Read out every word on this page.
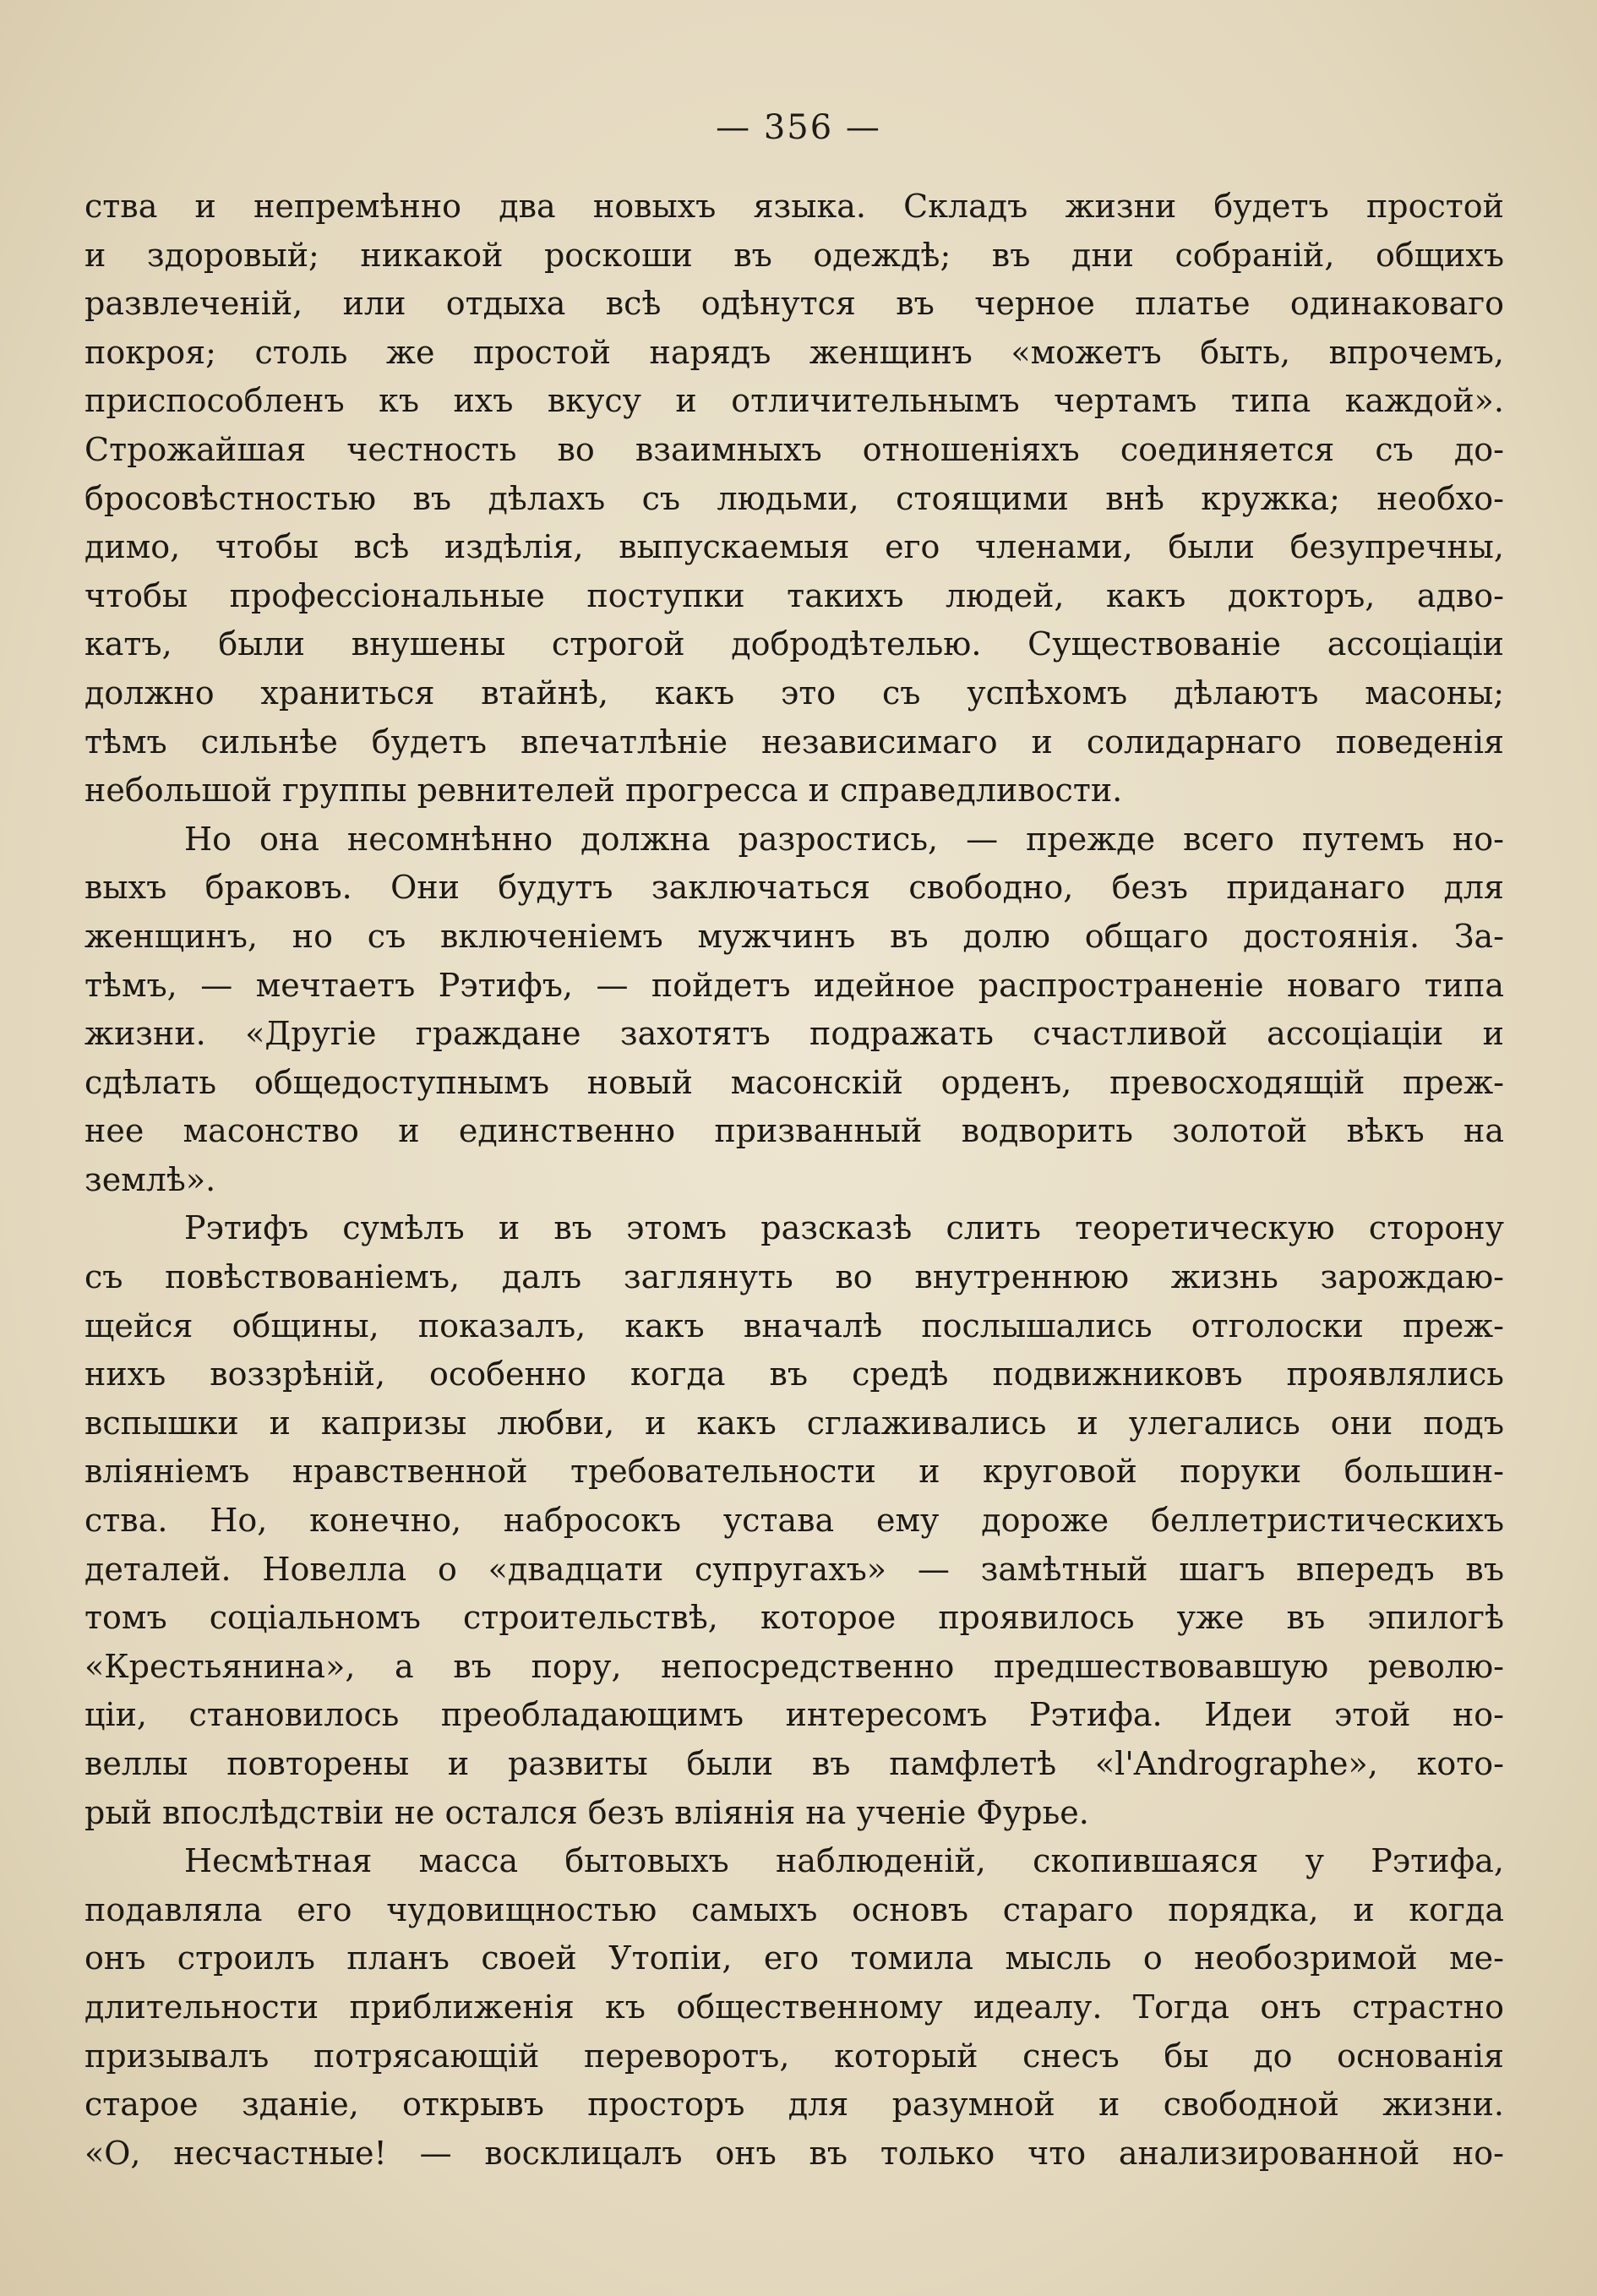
— 356 —
ства и непремѣнно два новыхъ языка. Складъ жизни будетъ простой
и здоровый; никакой роскоши въ одеждѣ; въ дни собраній, общихъ
развлеченій, или отдыха всѣ одѣнутся въ черное платье одинаковаго
покроя; столь же простой нарядъ женщинъ «можетъ быть, впрочемъ,
приспособленъ къ ихъ вкусу и отличительнымъ чертамъ типа каждой».
Строжайшая честность во взаимныхъ отношеніяхъ соединяется съ до-
бросовѣстностью въ дѣлахъ съ людьми, стоящими внѣ кружка; необхо-
димо, чтобы всѣ издѣлія, выпускаемыя его членами, были безупречны,
чтобы профессіональные поступки такихъ людей, какъ докторъ, адво-
катъ, были внушены строгой добродѣтелью. Существованіе ассоціаціи
должно храниться втайнѣ, какъ это съ успѣхомъ дѣлаютъ масоны;
тѣмъ сильнѣе будетъ впечатлѣніе независимаго и солидарнаго поведенія
небольшой группы ревнителей прогресса и справедливости.
Но она несомнѣнно должна разростись, — прежде всего путемъ но-
выхъ браковъ. Они будутъ заключаться свободно, безъ приданаго для
женщинъ, но съ включеніемъ мужчинъ въ долю общаго достоянія. За-
тѣмъ, — мечтаетъ Рэтифъ, — пойдетъ идейное распространеніе новаго типа
жизни. «Другіе граждане захотятъ подражать счастливой ассоціаціи и
сдѣлать общедоступнымъ новый масонскій орденъ, превосходящій преж-
нее масонство и единственно призванный водворить золотой вѣкъ на
землѣ».
Рэтифъ сумѣлъ и въ этомъ разсказѣ слить теоретическую сторону
съ повѣствованіемъ, далъ заглянуть во внутреннюю жизнь зарождаю-
щейся общины, показалъ, какъ вначалѣ послышались отголоски преж-
нихъ воззрѣній, особенно когда въ средѣ подвижниковъ проявлялись
вспышки и капризы любви, и какъ сглаживались и улегались они подъ
вліяніемъ нравственной требовательности и круговой поруки большин-
ства. Но, конечно, набросокъ устава ему дороже беллетристическихъ
деталей. Новелла о «двадцати супругахъ» — замѣтный шагъ впередъ въ
томъ соціальномъ строительствѣ, которое проявилось уже въ эпилогѣ
«Крестьянина», а въ пору, непосредственно предшествовавшую револю-
ціи, становилось преобладающимъ интересомъ Рэтифа. Идеи этой но-
веллы повторены и развиты были въ памфлетѣ «l'Andrographe», кото-
рый впослѣдствіи не остался безъ вліянія на ученіе Фурье.
Несмѣтная масса бытовыхъ наблюденій, скопившаяся у Рэтифа,
подавляла его чудовищностью самыхъ основъ стараго порядка, и когда
онъ строилъ планъ своей Утопіи, его томила мысль о необозримой ме-
длительности приближенія къ общественному идеалу. Тогда онъ страстно
призывалъ потрясающій переворотъ, который снесъ бы до основанія
старое зданіе, открывъ просторъ для разумной и свободной жизни.
«О, несчастные! — восклицалъ онъ въ только что анализированной но-
